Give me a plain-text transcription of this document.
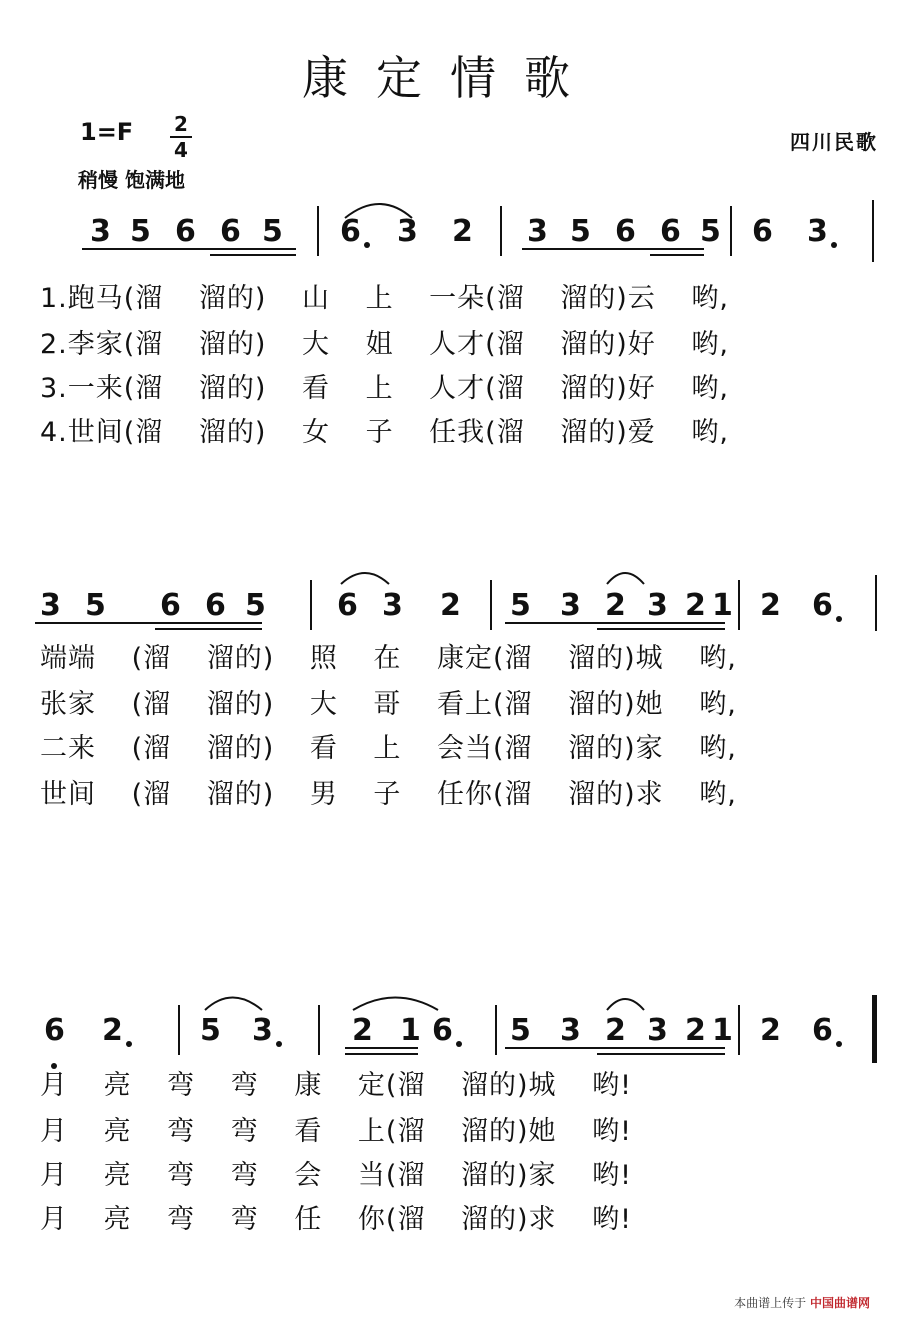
康定情歌
1=F 2
4
稍慢 饱满地
四川民歌
3 5 6 6 5 6 3 2 3 5 6 6 5 6 3
1.跑马(溜 溜的) 山 上 一朵(溜 溜的)云 哟,
2.李家(溜 溜的) 大 姐 人才(溜 溜的)好 哟,
3.一来(溜 溜的) 看 上 人才(溜 溜的)好 哟,
4.世间(溜 溜的) 女 子 任我(溜 溜的)爱 哟,
3 5 6 6 5 6 3 2 5 3 2 3 2 1 2 6
端端 (溜 溜的) 照 在 康定(溜 溜的)城 哟,
张家 (溜 溜的) 大 哥 看上(溜 溜的)她 哟,
二来 (溜 溜的) 看 上 会当(溜 溜的)家 哟,
世间 (溜 溜的) 男 子 任你(溜 溜的)求 哟,
6 2	5 3	2 1 6 5 3 2 3 2 1 2 6
月 亮 弯 弯 康 定(溜 溜的)城 哟!
月 亮 弯 弯 看 上(溜 溜的)她 哟!
月 亮 弯 弯 会 当(溜 溜的)家 哟!
月 亮 弯 弯 任 你(溜 溜的)求 哟!
本曲谱上传于 中国曲谱网
